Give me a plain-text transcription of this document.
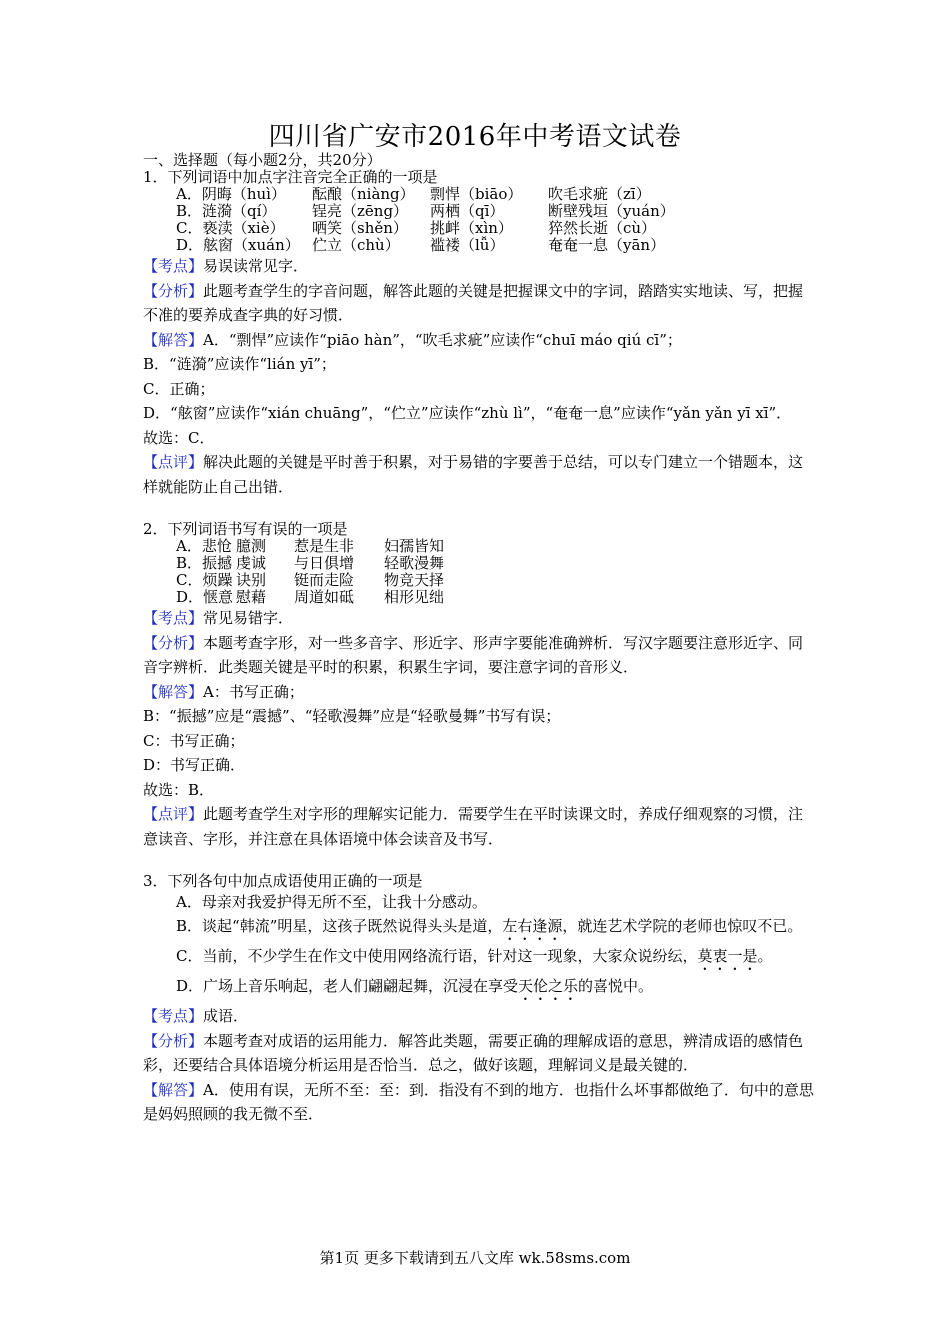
四川省广安市2016年中考语文试卷
一、选择题（每小题2分，共20分）
1．下列词语中加点字注音完全正确的一项是
A．阴晦（huì） 酝酿（niàng） 剽悍（biāo） 吹毛求疵（zī）
B．涟漪（qí） 锃亮（zēng） 两栖（qī）	断壁残垣（yuán）
C．亵渎（xiè） 哂笑（shěn） 挑衅（xìn） 猝然长逝（cù）
D．舷窗（xuán） 伫立（chù） 褴褛（lǚ）	奄奄一息（yān）

【考点】易误读常见字．

【分析】此题考查学生的字音问题，解答此题的关键是把握课文中的字词，踏踏实实地读、写，把握不准的要养成查字典的好习惯．

【解答】A．“剽悍”应读作“piāo hàn”，“吹毛求疵”应读作“chuī máo qiú cī”；

B．“涟漪”应读作“lián yī”；

C．正确；

D．“舷窗”应读作“xián chuāng”，“伫立”应读作“zhù lì”，“奄奄一息”应读作“yǎn yǎn yī xī”．

故选：C．

【点评】解决此题的关键是平时善于积累，对于易错的字要善于总结，可以专门建立一个错题本，这样就能防止自己出错．

2．下列词语书写有误的一项是
A．悲怆 臆测 惹是生非 妇孺皆知
B．振撼 虔诚 与日俱增 轻歌漫舞
C．烦躁 诀别 铤而走险 物竞天择
D．惬意 慰藉 周道如砥 相形见绌

【考点】常见易错字．

【分析】本题考查字形，对一些多音字、形近字、形声字要能准确辨析．写汉字题要注意形近字、同音字辨析．此类题关键是平时的积累，积累生字词，要注意字词的音形义．

【解答】A：书写正确；

B：“振撼”应是“震撼”、“轻歌漫舞”应是“轻歌曼舞”书写有误；

C：书写正确；

D：书写正确．

故选：B．

【点评】此题考查学生对字形的理解实记能力．需要学生在平时读课文时，养成仔细观察的习惯，注意读音、字形，并注意在具体语境中体会读音及书写．

3．下列各句中加点成语使用正确的一项是
A．母亲对我爱护得无所不至，让我十分感动。
B．谈起“韩流”明星，这孩子既然说得头头是道，左右逢源，就连艺术学院的老师也惊叹不已。
C．当前，不少学生在作文中使用网络流行语，针对这一现象，大家众说纷纭，莫衷一是。
D．广场上音乐响起，老人们翩翩起舞，沉浸在享受天伦之乐的喜悦中。

【考点】成语．

【分析】本题考查对成语的运用能力．解答此类题，需要正确的理解成语的意思，辨清成语的感情色彩，还要结合具体语境分析运用是否恰当．总之，做好该题，理解词义是最关键的．

【解答】A．使用有误，无所不至：至：到．指没有不到的地方．也指什么坏事都做绝了．句中的意思是妈妈照顾的我无微不至．

第1页 更多下载请到五八文库 wk.58sms.com
